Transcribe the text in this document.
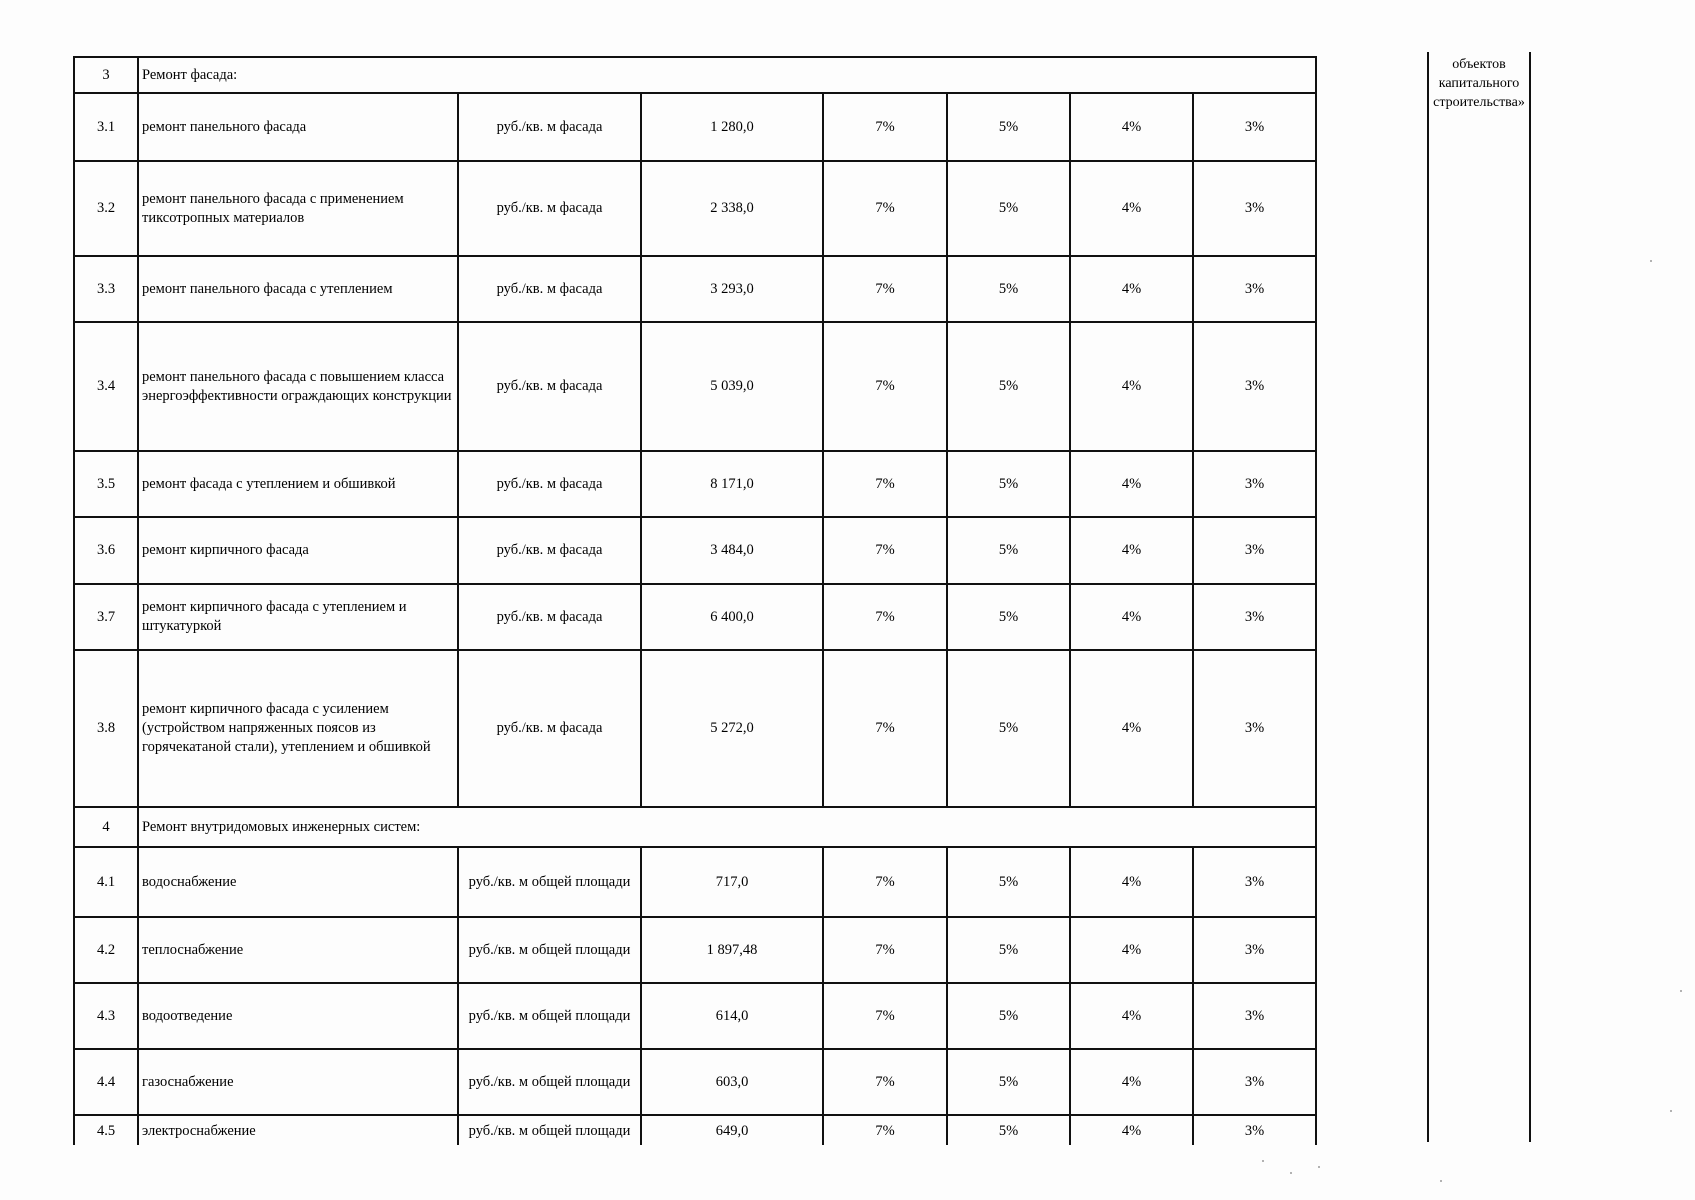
3	Ремонт фасада:						
3.1	ремонт панельного фасада	руб./кв. м фасада	1 280,0	7%	5%	4%	3%
3.2	ремонт панельного фасада с применением тиксотропных материалов	руб./кв. м фасада	2 338,0	7%	5%	4%	3%
3.3	ремонт панельного фасада с утеплением	руб./кв. м фасада	3 293,0	7%	5%	4%	3%
3.4	ремонт панельного фасада с повышением класса энергоэффективности ограждающих конструкции	руб./кв. м фасада	5 039,0	7%	5%	4%	3%
3.5	ремонт фасада с утеплением и обшивкой	руб./кв. м фасада	8 171,0	7%	5%	4%	3%
3.6	ремонт кирпичного фасада	руб./кв. м фасада	3 484,0	7%	5%	4%	3%
3.7	ремонт кирпичного фасада с утеплением и штукатуркой	руб./кв. м фасада	6 400,0	7%	5%	4%	3%
3.8	ремонт кирпичного фасада с усилением (устройством напряженных поясов из горячекатаной стали), утеплением и обшивкой	руб./кв. м фасада	5 272,0	7%	5%	4%	3%
4	Ремонт внутридомовых инженерных систем:						
4.1	водоснабжение	руб./кв. м общей площади	717,0	7%	5%	4%	3%
4.2	теплоснабжение	руб./кв. м общей площади	1 897,48	7%	5%	4%	3%
4.3	водоотведение	руб./кв. м общей площади	614,0	7%	5%	4%	3%
4.4	газоснабжение	руб./кв. м общей площади	603,0	7%	5%	4%	3%
4.5	электроснабжение	руб./кв. м общей площади	649,0	7%	5%	4%	3%
объектов
капитального
строительства»
